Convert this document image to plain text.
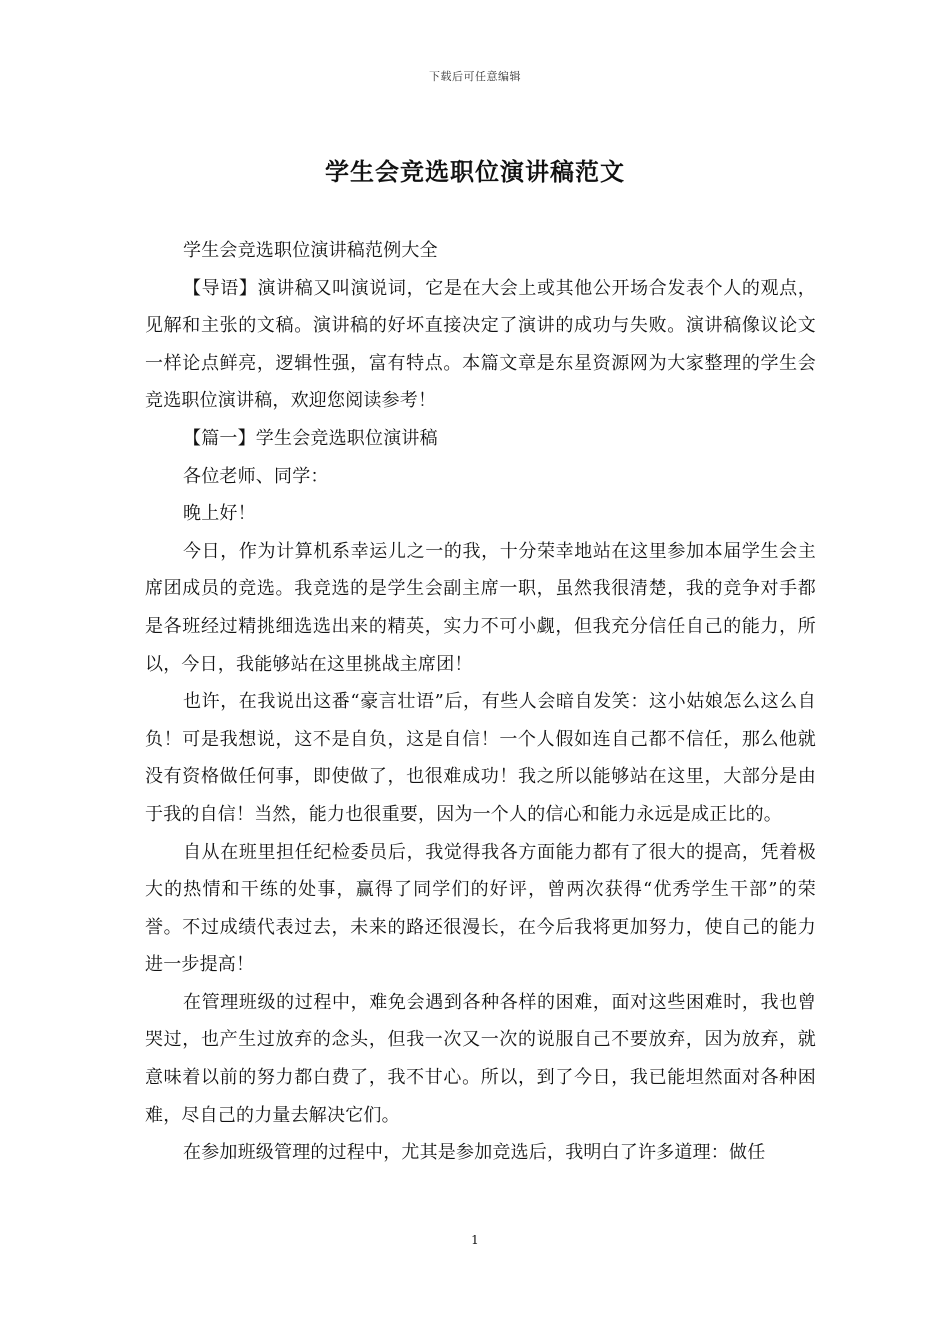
下载后可任意编辑
学生会竞选职位演讲稿范文

学生会竞选职位演讲稿范例大全

【导语】演讲稿又叫演说词，它是在大会上或其他公开场合发表个人的观点，见解和主张的文稿。演讲稿的好坏直接决定了演讲的成功与失败。演讲稿像议论文一样论点鲜亮，逻辑性强，富有特点。本篇文章是东星资源网为大家整理的学生会竞选职位演讲稿，欢迎您阅读参考！

【篇一】学生会竞选职位演讲稿

各位老师、同学：

晚上好！

今日，作为计算机系幸运儿之一的我，十分荣幸地站在这里参加本届学生会主席团成员的竞选。我竞选的是学生会副主席一职，虽然我很清楚，我的竞争对手都是各班经过精挑细选选出来的精英，实力不可小觑，但我充分信任自己的能力，所以，今日，我能够站在这里挑战主席团！

也许，在我说出这番“豪言壮语”后，有些人会暗自发笑：这小姑娘怎么这么自负！可是我想说，这不是自负，这是自信！一个人假如连自己都不信任，那么他就没有资格做任何事，即使做了，也很难成功！我之所以能够站在这里，大部分是由于我的自信！当然，能力也很重要，因为一个人的信心和能力永远是成正比的。

自从在班里担任纪检委员后，我觉得我各方面能力都有了很大的提高，凭着极大的热情和干练的处事，赢得了同学们的好评，曾两次获得“优秀学生干部”的荣誉。不过成绩代表过去，未来的路还很漫长，在今后我将更加努力，使自己的能力进一步提高！

在管理班级的过程中，难免会遇到各种各样的困难，面对这些困难时，我也曾哭过，也产生过放弃的念头，但我一次又一次的说服自己不要放弃，因为放弃，就意味着以前的努力都白费了，我不甘心。所以，到了今日，我已能坦然面对各种困难，尽自己的力量去解决它们。

在参加班级管理的过程中，尤其是参加竞选后，我明白了许多道理：做任

1
